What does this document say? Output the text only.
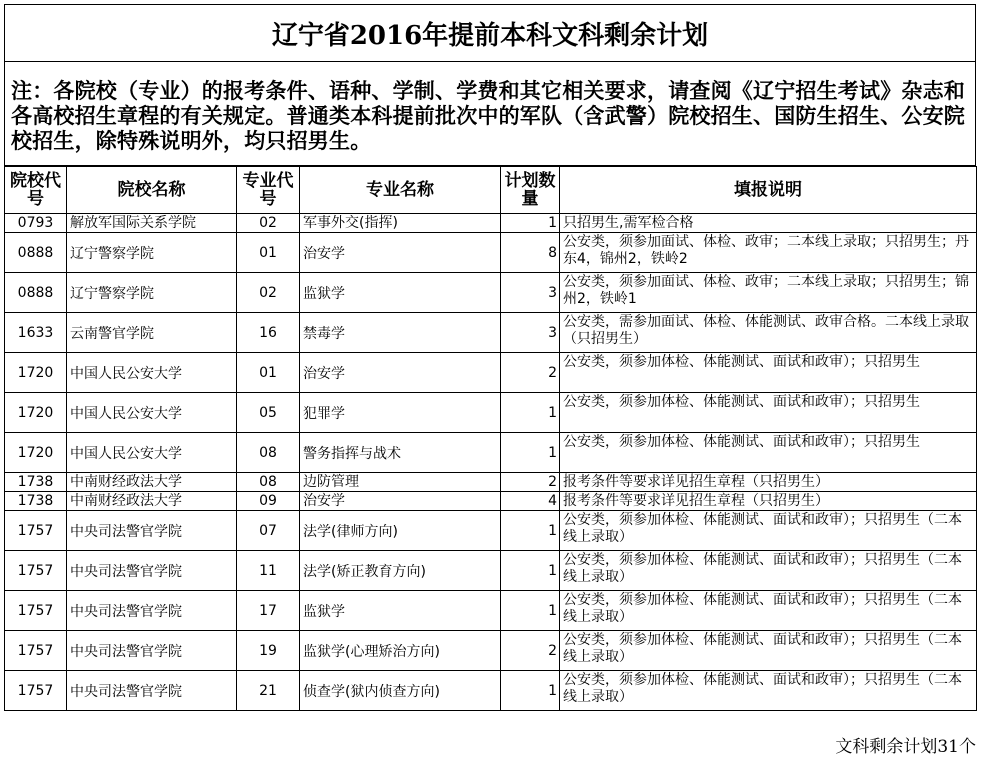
辽宁省2016年提前本科文科剩余计划
注：各院校（专业）的报考条件、语种、学制、学费和其它相关要求，请查阅《辽宁招生考试》杂志和各高校招生章程的有关规定。普通类本科提前批次中的军队（含武警）院校招生、国防生招生、公安院校招生，除特殊说明外，均只招男生。
院校代号	院校名称	专业代号	专业名称	计划数量	填报说明
0793	解放军国际关系学院	02	军事外交(指挥)	1	只招男生,需军检合格
0888	辽宁警察学院	01	治安学	8	公安类，须参加面试、体检、政审；二本线上录取；只招男生；丹东4，锦州2，铁岭2
0888	辽宁警察学院	02	监狱学	3	公安类，须参加面试、体检、政审；二本线上录取；只招男生；锦州2，铁岭1
1633	云南警官学院	16	禁毒学	3	公安类，需参加面试、体检、体能测试、政审合格。二本线上录取（只招男生）
1720	中国人民公安大学	01	治安学	2	公安类，须参加体检、体能测试、面试和政审）；只招男生
1720	中国人民公安大学	05	犯罪学	1	公安类，须参加体检、体能测试、面试和政审）；只招男生
1720	中国人民公安大学	08	警务指挥与战术	1	公安类，须参加体检、体能测试、面试和政审）；只招男生
1738	中南财经政法大学	08	边防管理	2	报考条件等要求详见招生章程（只招男生）
1738	中南财经政法大学	09	治安学	4	报考条件等要求详见招生章程（只招男生）
1757	中央司法警官学院	07	法学(律师方向)	1	公安类，须参加体检、体能测试、面试和政审）；只招男生（二本线上录取）
1757	中央司法警官学院	11	法学(矫正教育方向)	1	公安类，须参加体检、体能测试、面试和政审）；只招男生（二本线上录取）
1757	中央司法警官学院	17	监狱学	1	公安类，须参加体检、体能测试、面试和政审）；只招男生（二本线上录取）
1757	中央司法警官学院	19	监狱学(心理矫治方向)	2	公安类，须参加体检、体能测试、面试和政审）；只招男生（二本线上录取）
1757	中央司法警官学院	21	侦查学(狱内侦查方向)	1	公安类，须参加体检、体能测试、面试和政审）；只招男生（二本线上录取）
文科剩余计划31个
